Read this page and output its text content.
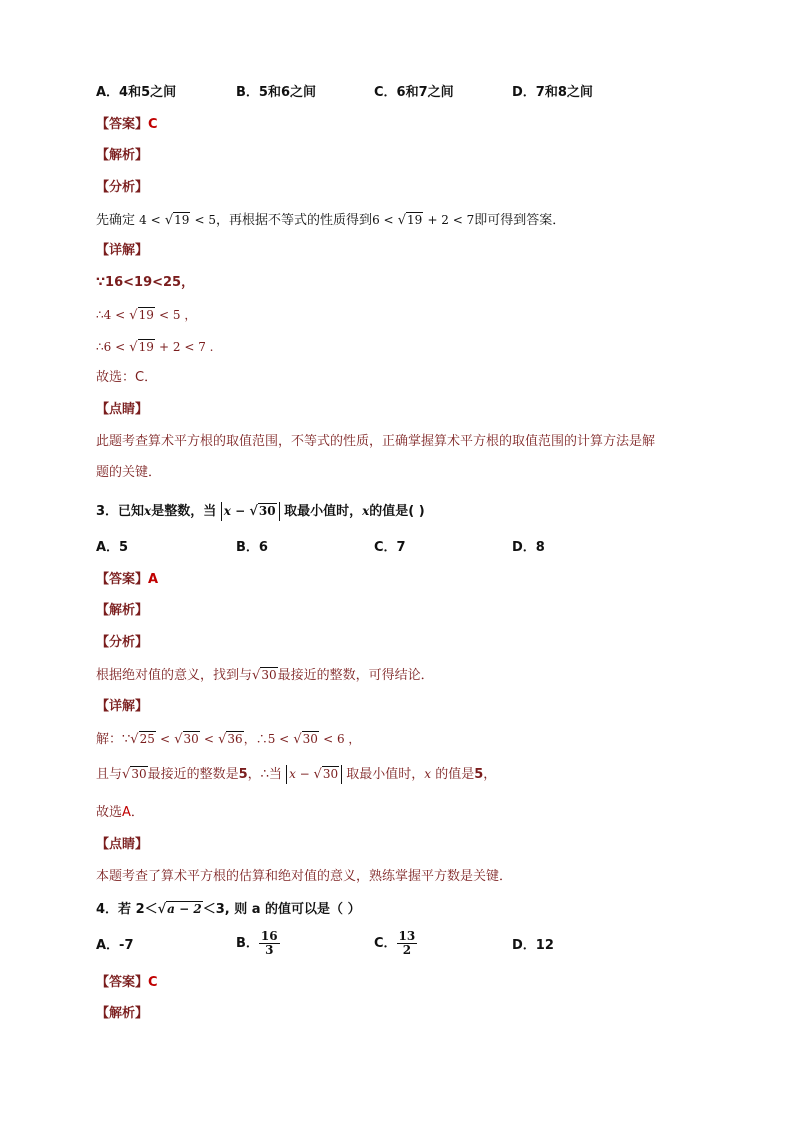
A．4和5之间	B．5和6之间	C．6和7之间	D．7和8之间
【答案】C
【解析】
【分析】
先确定 4 < √19 < 5，再根据不等式的性质得到6 < √19 + 2 < 7即可得到答案．
【详解】
∵16<19<25，
∴4 < √19 < 5 ，
∴6 < √19 + 2 < 7 .
故选：C．
【点睛】
此题考查算术平方根的取值范围，不等式的性质，正确掌握算术平方根的取值范围的计算方法是解
题的关键．
3．已知x是整数，当 x − √30 取最小值时，x的值是( )
A．5	B．6	C．7	D．8
【答案】A
【解析】
【分析】
根据绝对值的意义，找到与√30最接近的整数，可得结论．
【详解】
解：∵√25 < √30 < √36，∴5 < √30 < 6 ，
且与√30最接近的整数是5，∴当 x − √30 取最小值时，x 的值是5，
故选A．
【点睛】
本题考查了算术平方根的估算和绝对值的意义，熟练掌握平方数是关键．
4．若 2＜√a − 2＜3, 则 a 的值可以是（ ）
A．-7	B． $\frac{16}{3}$	C． $\frac{13}{2}$	D．12
【答案】C
【解析】
